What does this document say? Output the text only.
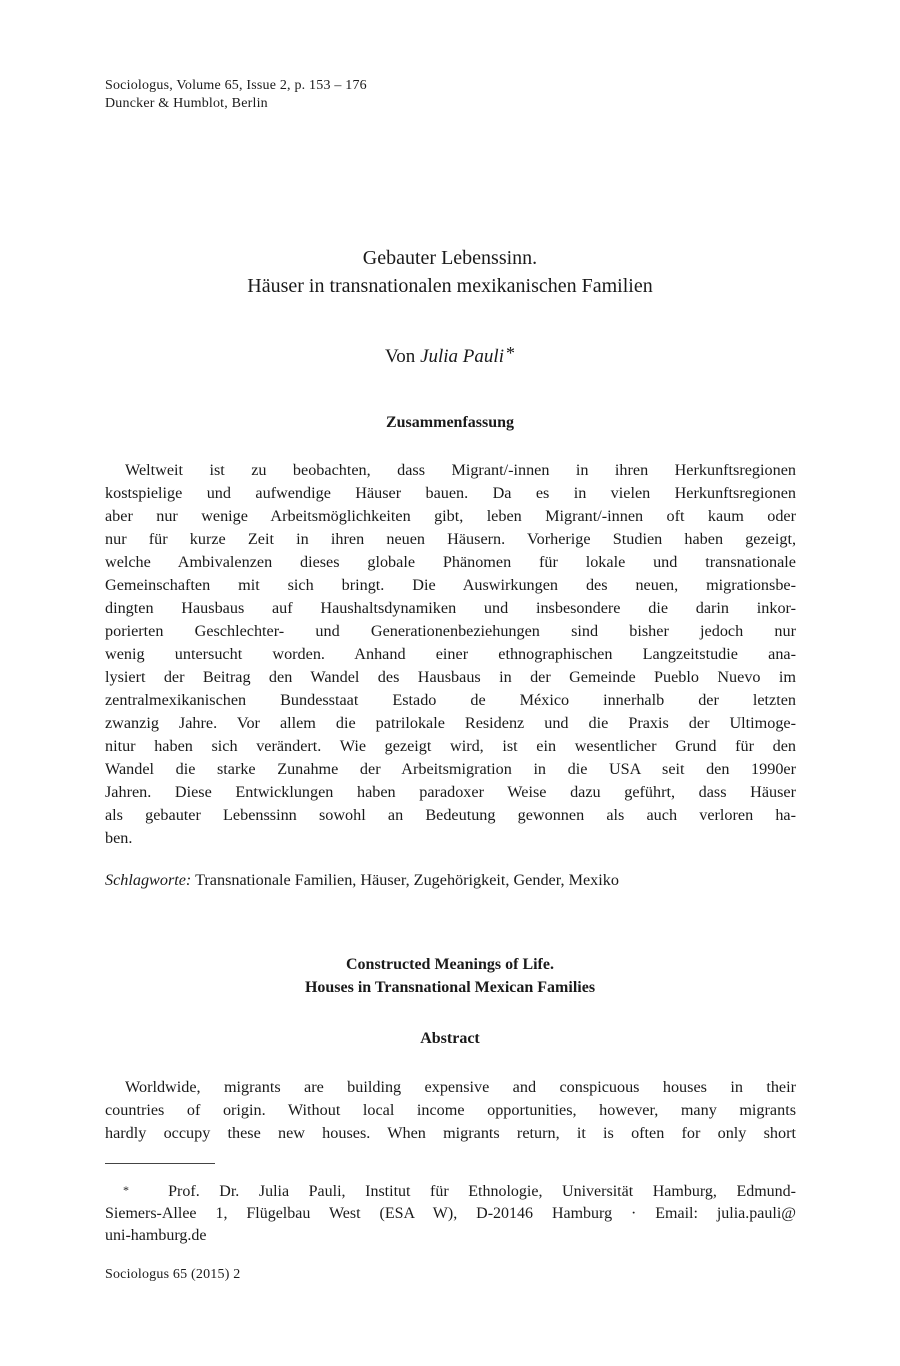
Sociologus, Volume 65, Issue 2, p. 153 – 176
Duncker & Humblot, Berlin
Gebauter Lebenssinn.
Häuser in transnationalen mexikanischen Familien
Von Julia Pauli *
Zusammenfassung
Weltweit ist zu beobachten, dass Migrant/-innen in ihren Herkunftsregionen
kostspielige und aufwendige Häuser bauen. Da es in vielen Herkunftsregionen
aber nur wenige Arbeitsmöglichkeiten gibt, leben Migrant/-innen oft kaum oder
nur für kurze Zeit in ihren neuen Häusern. Vorherige Studien haben gezeigt,
welche Ambivalenzen dieses globale Phänomen für lokale und transnationale
Gemeinschaften mit sich bringt. Die Auswirkungen des neuen, migrationsbe-
dingten Hausbaus auf Haushaltsdynamiken und insbesondere die darin inkor-
porierten Geschlechter- und Generationenbeziehungen sind bisher jedoch nur
wenig untersucht worden. Anhand einer ethnographischen Langzeitstudie ana-
lysiert der Beitrag den Wandel des Hausbaus in der Gemeinde Pueblo Nuevo im
zentralmexikanischen Bundesstaat Estado de México innerhalb der letzten
zwanzig Jahre. Vor allem die patrilokale Residenz und die Praxis der Ultimoge-
nitur haben sich verändert. Wie gezeigt wird, ist ein wesentlicher Grund für den
Wandel die starke Zunahme der Arbeitsmigration in die USA seit den 1990er
Jahren. Diese Entwicklungen haben paradoxer Weise dazu geführt, dass Häuser
als gebauter Lebenssinn sowohl an Bedeutung gewonnen als auch verloren ha-
ben.
Schlagworte: Transnationale Familien, Häuser, Zugehörigkeit, Gender, Mexiko
Constructed Meanings of Life.
Houses in Transnational Mexican Families
Abstract
Worldwide, migrants are building expensive and conspicuous houses in their
countries of origin. Without local income opportunities, however, many migrants
hardly occupy these new houses. When migrants return, it is often for only short
* Prof. Dr. Julia Pauli, Institut für Ethnologie, Universität Hamburg, Edmund-
Siemers-Allee 1, Flügelbau West (ESA W), D-20146 Hamburg · Email: julia.pauli@
uni-hamburg.de
Sociologus 65 (2015) 2
